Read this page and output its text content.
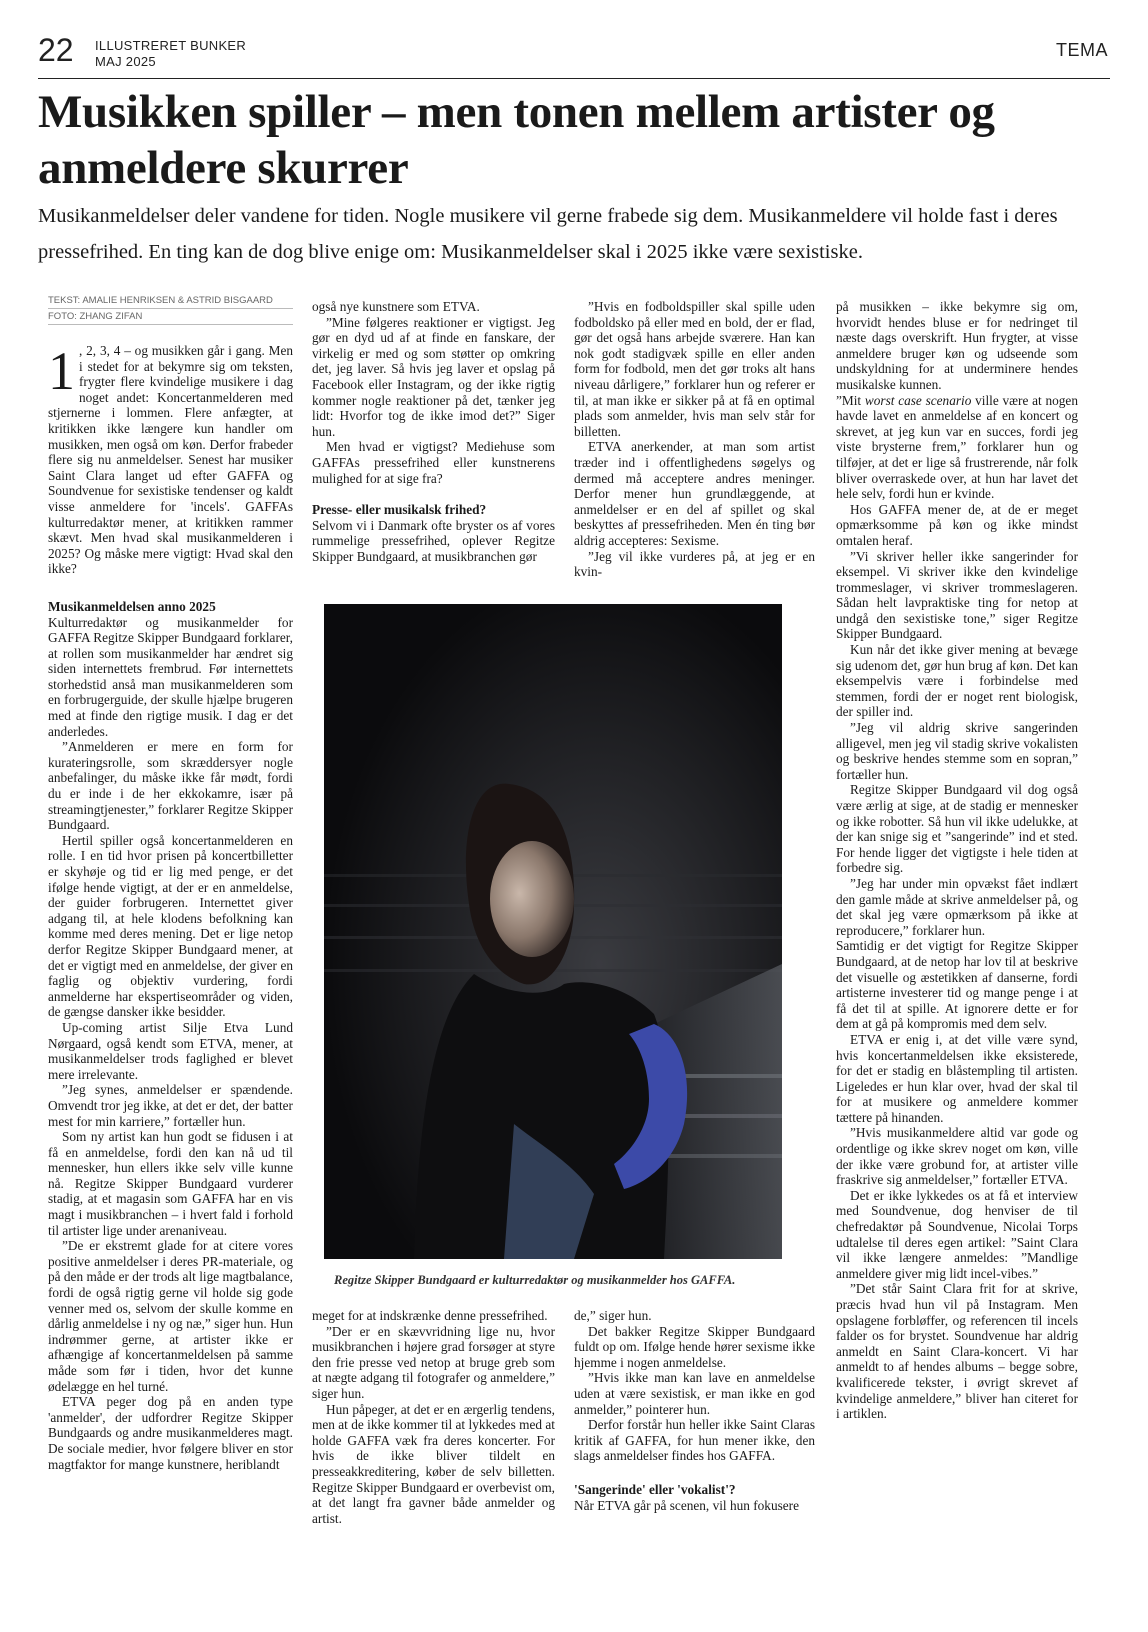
22 ILLUSTRERET BUNKER
MAJ 2025
TEMA
Musikken spiller – men tonen mellem artister og anmeldere skurrer

Musikanmeldelser deler vandene for tiden. Nogle musikere vil gerne frabede sig dem. Musikanmeldere vil holde fast i deres pressefrihed. En ting kan de dog blive enige om: Musikanmeldelser skal i 2025 ikke være sexistiske.

TEKST: AMALIE HENRIKSEN & ASTRID BISGAARD
FOTO: ZHANG ZIFAN

1 , 2, 3, 4 – og musikken går i gang. Men i stedet for at bekymre sig om teksten, frygter flere kvindelige musikere i dag noget andet: Koncertanmelderen med stjernerne i lommen. Flere anfægter, at kritikken ikke længere kun handler om musikken, men også om køn. Derfor frabeder flere sig nu anmeldelser. Senest har musiker Saint Clara langet ud efter GAFFA og Soundvenue for sexistiske tendenser og kaldt visse anmeldere for 'incels'. GAFFAs kulturredaktør mener, at kritikken rammer skævt. Men hvad skal musikanmelderen i 2025? Og måske mere vigtigt: Hvad skal den ikke?

Musikanmeldelsen anno 2025

Kulturredaktør og musikanmelder for GAFFA Regitze Skipper Bundgaard forklarer, at rollen som musikanmelder har ændret sig siden internettets frembrud. Før internettets storhedstid anså man musikanmelderen som en forbrugerguide, der skulle hjælpe brugeren med at finde den rigtige musik. I dag er det anderledes.

”Anmelderen er mere en form for kurateringsrolle, som skræddersyer nogle anbefalinger, du måske ikke får mødt, fordi du er inde i de her ekkokamre, især på streamingtjenester,” forklarer Regitze Skipper Bundgaard.

Hertil spiller også koncertanmelderen en rolle. I en tid hvor prisen på koncertbilletter er skyhøje og tid er lig med penge, er det ifølge hende vigtigt, at der er en anmeldelse, der guider forbrugeren. Internettet giver adgang til, at hele klodens befolkning kan komme med deres mening. Det er lige netop derfor Regitze Skipper Bundgaard mener, at det er vigtigt med en anmeldelse, der giver en faglig og objektiv vurdering, fordi anmelderne har ekspertiseområder og viden, de gængse dansker ikke besidder.

Up-coming artist Silje Etva Lund Nørgaard, også kendt som ETVA, mener, at musikanmeldelser trods faglighed er blevet mere irrelevante.

”Jeg synes, anmeldelser er spændende. Omvendt tror jeg ikke, at det er det, der batter mest for min karriere,” fortæller hun.

Som ny artist kan hun godt se fidusen i at få en anmeldelse, fordi den kan nå ud til mennesker, hun ellers ikke selv ville kunne nå. Regitze Skipper Bundgaard vurderer stadig, at et magasin som GAFFA har en vis magt i musikbranchen – i hvert fald i forhold til artister lige under arenaniveau.

”De er ekstremt glade for at citere vores positive anmeldelser i deres PR-materiale, og på den måde er der trods alt lige magtbalance, fordi de også rigtig gerne vil holde sig gode venner med os, selvom der skulle komme en dårlig anmeldelse i ny og næ,” siger hun. Hun indrømmer gerne, at artister ikke er afhængige af koncertanmeldelsen på samme måde som før i tiden, hvor det kunne ødelægge en hel turné.

ETVA peger dog på en anden type 'anmelder', der udfordrer Regitze Skipper Bundgaards og andre musikanmelderes magt. De sociale medier, hvor følgere bliver en stor magtfaktor for mange kunstnere, heriblandt

også nye kunstnere som ETVA.

”Mine følgeres reaktioner er vigtigst. Jeg gør en dyd ud af at finde en fanskare, der virkelig er med og som støtter op omkring det, jeg laver. Så hvis jeg laver et opslag på Facebook eller Instagram, og der ikke rigtig kommer nogle reaktioner på det, tænker jeg lidt: Hvorfor tog de ikke imod det?” Siger hun.

Men hvad er vigtigst? Mediehuse som GAFFAs pressefrihed eller kunstnerens mulighed for at sige fra?

Presse- eller musikalsk frihed?

Selvom vi i Danmark ofte bryster os af vores rummelige pressefrihed, oplever Regitze Skipper Bundgaard, at musikbranchen gør

”Hvis en fodboldspiller skal spille uden fodboldsko på eller med en bold, der er flad, gør det også hans arbejde sværere. Han kan nok godt stadigvæk spille en eller anden form for fodbold, men det gør troks alt hans niveau dårligere,” forklarer hun og referer er til, at man ikke er sikker på at få en optimal plads som anmelder, hvis man selv står for billetten.

ETVA anerkender, at man som artist træder ind i offentlighedens søgelys og dermed må acceptere andres meninger. Derfor mener hun grundlæggende, at anmeldelser er en del af spillet og skal beskyttes af pressefriheden. Men én ting bør aldrig accepteres: Sexisme.

”Jeg vil ikke vurderes på, at jeg er en kvin-

Regitze Skipper Bundgaard er kulturredaktør og musikanmelder hos GAFFA.

meget for at indskrænke denne pressefrihed.

”Der er en skævvridning lige nu, hvor musikbranchen i højere grad forsøger at styre den frie presse ved netop at bruge greb som at nægte adgang til fotografer og anmeldere,” siger hun.

Hun påpeger, at det er en ærgerlig tendens, men at de ikke kommer til at lykkedes med at holde GAFFA væk fra deres koncerter. For hvis de ikke bliver tildelt en presseakkreditering, køber de selv billetten. Regitze Skipper Bundgaard er overbevist om, at det langt fra gavner både anmelder og artist.

de,” siger hun.

Det bakker Regitze Skipper Bundgaard fuldt op om. Ifølge hende hører sexisme ikke hjemme i nogen anmeldelse.

”Hvis ikke man kan lave en anmeldelse uden at være sexistisk, er man ikke en god anmelder,” pointerer hun.

Derfor forstår hun heller ikke Saint Claras kritik af GAFFA, for hun mener ikke, den slags anmeldelser findes hos GAFFA.

'Sangerinde' eller 'vokalist'?

Når ETVA går på scenen, vil hun fokusere

på musikken – ikke bekymre sig om, hvorvidt hendes bluse er for nedringet til næste dags overskrift. Hun frygter, at visse anmeldere bruger køn og udseende som undskyldning for at underminere hendes musikalske kunnen.

”Mit worst case scenario ville være at nogen havde lavet en anmeldelse af en koncert og skrevet, at jeg kun var en succes, fordi jeg viste brysterne frem,” forklarer hun og tilføjer, at det er lige så frustrerende, når folk bliver overraskede over, at hun har lavet det hele selv, fordi hun er kvinde.

Hos GAFFA mener de, at de er meget opmærksomme på køn og ikke mindst omtalen heraf.

”Vi skriver heller ikke sangerinder for eksempel. Vi skriver ikke den kvindelige trommeslager, vi skriver trommeslageren. Sådan helt lavpraktiske ting for netop at undgå den sexistiske tone,” siger Regitze Skipper Bundgaard.

Kun når det ikke giver mening at bevæge sig udenom det, gør hun brug af køn. Det kan eksempelvis være i forbindelse med stemmen, fordi der er noget rent biologisk, der spiller ind.

”Jeg vil aldrig skrive sangerinden alligevel, men jeg vil stadig skrive vokalisten og beskrive hendes stemme som en sopran,” fortæller hun.

Regitze Skipper Bundgaard vil dog også være ærlig at sige, at de stadig er mennesker og ikke robotter. Så hun vil ikke udelukke, at der kan snige sig et ”sangerinde” ind et sted. For hende ligger det vigtigste i hele tiden at forbedre sig.

”Jeg har under min opvækst fået indlært den gamle måde at skrive anmeldelser på, og det skal jeg være opmærksom på ikke at reproducere,” forklarer hun.

Samtidig er det vigtigt for Regitze Skipper Bundgaard, at de netop har lov til at beskrive det visuelle og æstetikken af danserne, fordi artisterne investerer tid og mange penge i at få det til at spille. At ignorere dette er for dem at gå på kompromis med dem selv.

ETVA er enig i, at det ville være synd, hvis koncertanmeldelsen ikke eksisterede, for det er stadig en blåstempling til artisten. Ligeledes er hun klar over, hvad der skal til for at musikere og anmeldere kommer tættere på hinanden.

”Hvis musikanmeldere altid var gode og ordentlige og ikke skrev noget om køn, ville der ikke være grobund for, at artister ville fraskrive sig anmeldelser,” fortæller ETVA.

Det er ikke lykkedes os at få et interview med Soundvenue, dog henviser de til chefredaktør på Soundvenue, Nicolai Torps udtalelse til deres egen artikel: ”Saint Clara vil ikke længere anmeldes: ”Mandlige anmeldere giver mig lidt incel-vibes.”

”Det står Saint Clara frit for at skrive, præcis hvad hun vil på Instagram. Men opslagene forbløffer, og referencen til incels falder os for brystet. Soundvenue har aldrig anmeldt en Saint Clara-koncert. Vi har anmeldt to af hendes albums – begge sobre, kvalificerede tekster, i øvrigt skrevet af kvindelige anmeldere,” bliver han citeret for i artiklen.
